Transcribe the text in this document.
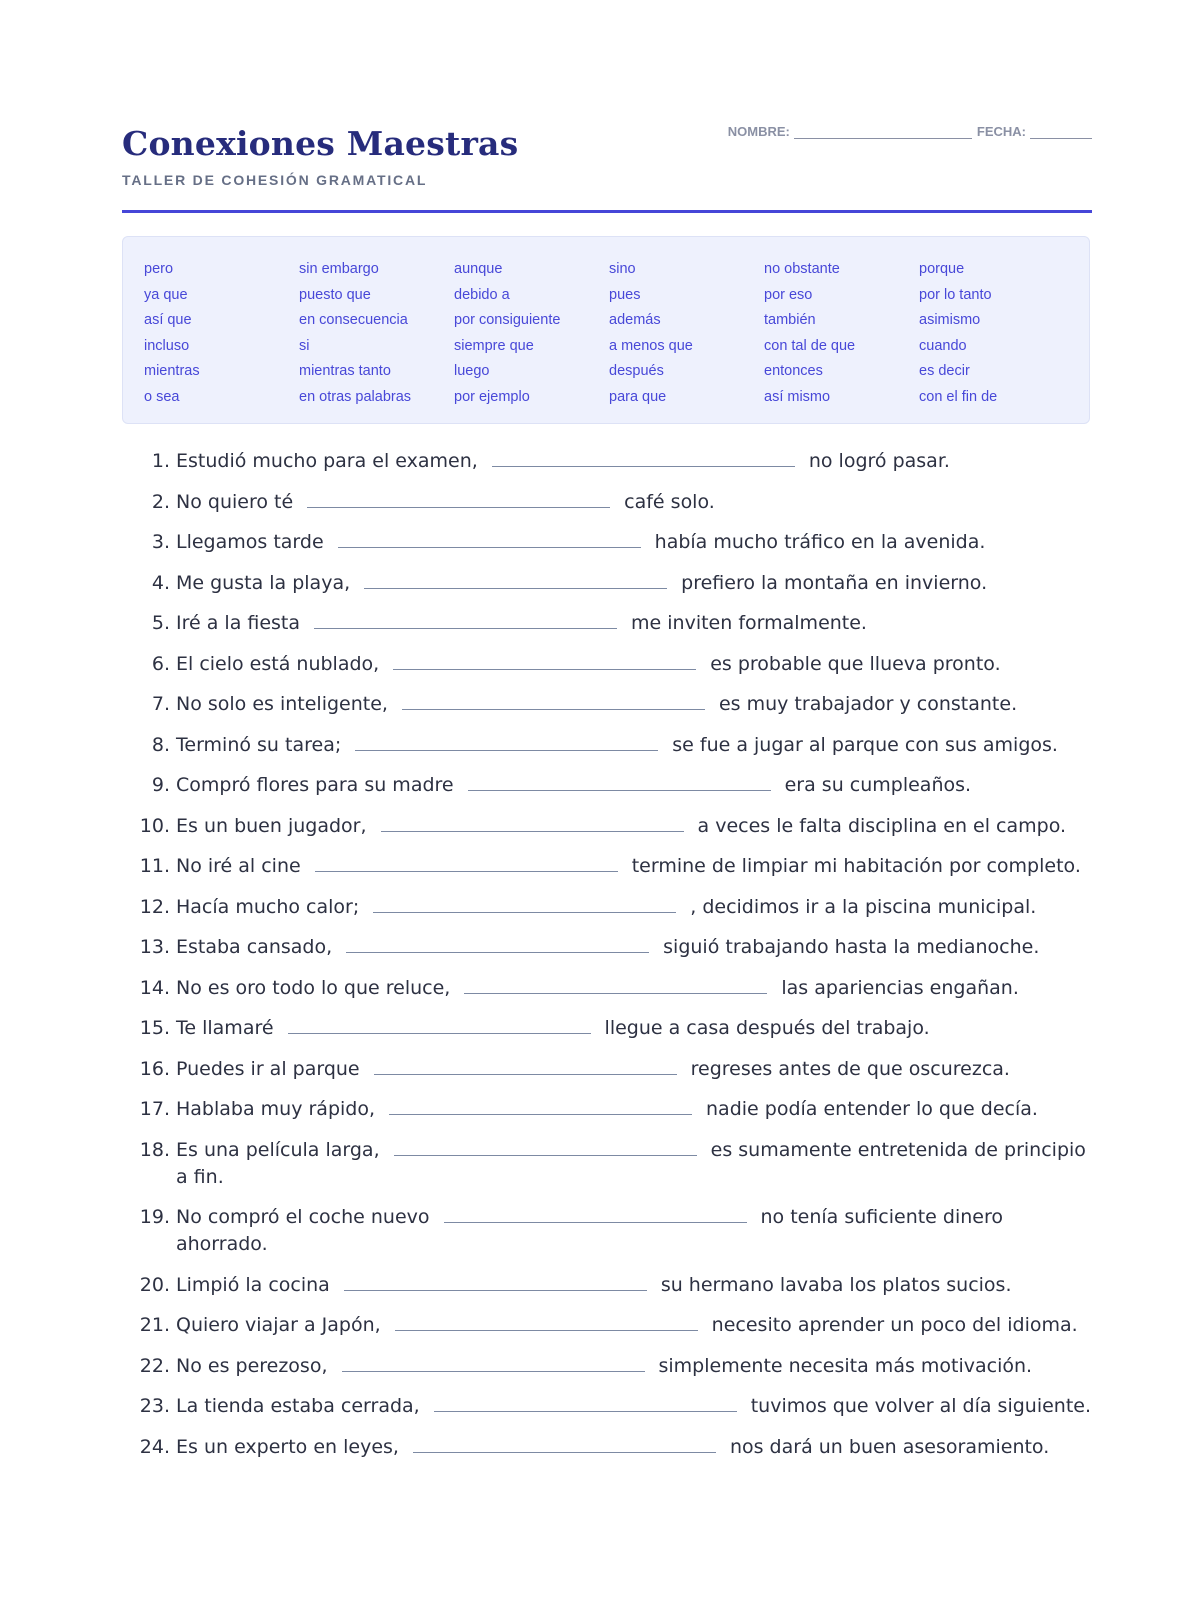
Conexiones Maestras
TALLER DE COHESIÓN GRAMATICAL
NOMBRE:	FECHA:
pero	sin embargo	aunque	sino	no obstante	porque
ya que	puesto que	debido a	pues	por eso	por lo tanto
así que	en consecuencia	por consiguiente	además	también	asimismo
incluso	si	siempre que	a menos que	con tal de que	cuando
mientras	mientras tanto	luego	después	entonces	es decir
o sea	en otras palabras	por ejemplo	para que	así mismo	con el fin de
1. Estudió mucho para el examen,	no logró pasar.
2. No quiero té	café solo.
3. Llegamos tarde	había mucho tráfico en la avenida.
4. Me gusta la playa,	prefiero la montaña en invierno.
5. Iré a la fiesta	me inviten formalmente.
6. El cielo está nublado,	es probable que llueva pronto.
7. No solo es inteligente,	es muy trabajador y constante.
8. Terminó su tarea;	se fue a jugar al parque con sus amigos.
9. Compró flores para su madre	era su cumpleaños.
10. Es un buen jugador,	a veces le falta disciplina en el campo.
11. No iré al cine	termine de limpiar mi habitación por completo.
12. Hacía mucho calor;	, decidimos ir a la piscina municipal.
13. Estaba cansado,	siguió trabajando hasta la medianoche.
14. No es oro todo lo que reluce,	las apariencias engañan.
15. Te llamaré	llegue a casa después del trabajo.
16. Puedes ir al parque	regreses antes de que oscurezca.
17. Hablaba muy rápido,	nadie podía entender lo que decía.
18. Es una película larga,	es sumamente entretenida de principio a fin.
19. No compró el coche nuevo	no tenía suficiente dinero ahorrado.
20. Limpió la cocina	su hermano lavaba los platos sucios.
21. Quiero viajar a Japón,	necesito aprender un poco del idioma.
22. No es perezoso,	simplemente necesita más motivación.
23. La tienda estaba cerrada,	tuvimos que volver al día siguiente.
24. Es un experto en leyes,	nos dará un buen asesoramiento.
